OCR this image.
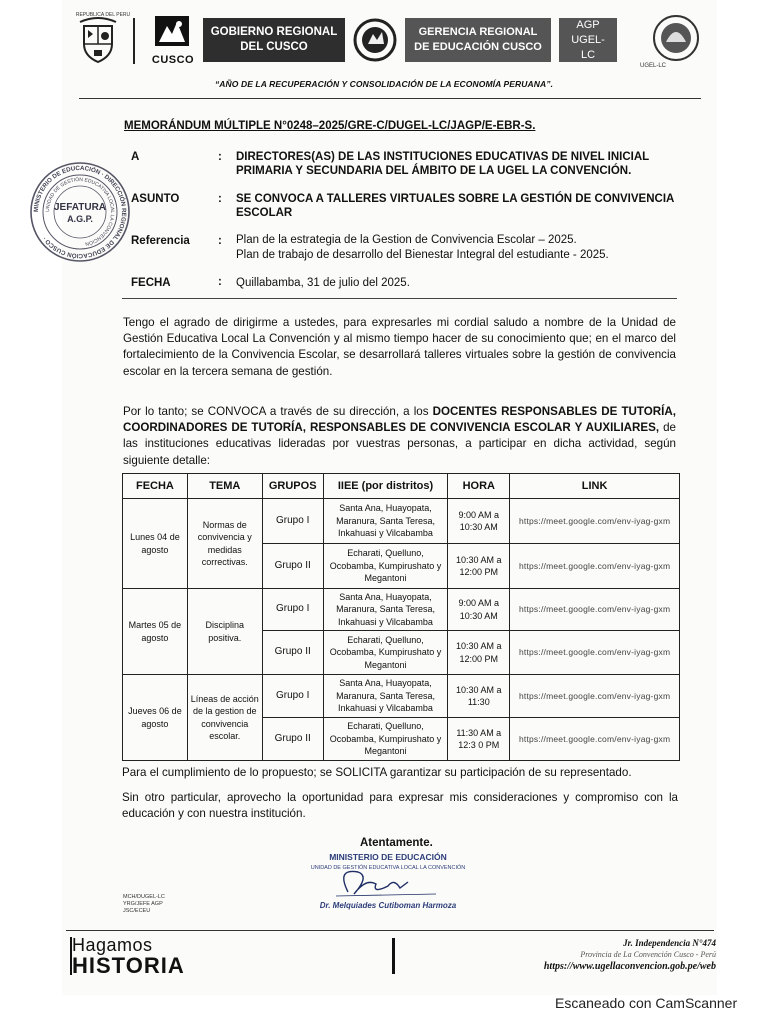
REPUBLICA DEL PERU
CUSCO
GOBIERNO REGIONAL DEL CUSCO
GERENCIA REGIONAL DE EDUCACIÓN CUSCO
AGP UGEL- LC
UGEL-LC
“AÑO DE LA RECUPERACIÓN Y CONSOLIDACIÓN DE LA ECONOMÍA PERUANA”.
MEMORÁNDUM MÚLTIPLE N°0248–2025/GRE-C/DUGEL-LC/JAGP/E-EBR-S.
A	: DIRECTORES(AS) DE LAS INSTITUCIONES EDUCATIVAS DE NIVEL INICIAL PRIMARIA Y SECUNDARIA DEL ÁMBITO DE LA UGEL LA CONVENCIÓN.
ASUNTO	: SE CONVOCA A TALLERES VIRTUALES SOBRE LA GESTIÓN DE CONVIVENCIA ESCOLAR
Referencia : Plan de la estrategia de la Gestion de Convivencia Escolar – 2025.
Plan de trabajo de desarrollo del Bienestar Integral del estudiante - 2025.
FECHA	: Quillabamba, 31 de julio del 2025.
MINISTERIO DE EDUCACIÓN · DIRECCIÓN REGIONAL DE EDUCACIÓN CUSCO ·
UNIDAD DE GESTIÓN EDUCATIVA LOCAL LA CONVENCIÓN
JEFATURA
A.G.P.
Tengo el agrado de dirigirme a ustedes, para expresarles mi cordial saludo a nombre de la Unidad de Gestión Educativa Local La Convención y al mismo tiempo hacer de su conocimiento que; en el marco del fortalecimiento de la Convivencia Escolar, se desarrollará talleres virtuales sobre la gestión de convivencia escolar en la tercera semana de gestión.
Por lo tanto; se CONVOCA a través de su dirección, a los DOCENTES RESPONSABLES DE TUTORÍA, COORDINADORES DE TUTORÍA, RESPONSABLES DE CONVIVENCIA ESCOLAR Y AUXILIARES, de las instituciones educativas lideradas por vuestras personas, a participar en dicha actividad, según siguiente detalle:
FECHA	TEMA	GRUPOS	IIEE (por distritos)	HORA	LINK
Lunes 04 de agosto	Normas de convivencia y medidas correctivas.	Grupo I	Santa Ana, Huayopata, Maranura, Santa Teresa, Inkahuasi y Vilcabamba	9:00 AM a 10:30 AM	https://meet.google.com/env-iyag-gxm
		Grupo II	Echarati, Quelluno, Ocobamba, Kumpirushato y Megantoni	10:30 AM a 12:00 PM	https://meet.google.com/env-iyag-gxm
Martes 05 de agosto	Disciplina positiva.	Grupo I	Santa Ana, Huayopata, Maranura, Santa Teresa, Inkahuasi y Vilcabamba	9:00 AM a 10:30 AM	https://meet.google.com/env-iyag-gxm
		Grupo II	Echarati, Quelluno, Ocobamba, Kumpirushato y Megantoni	10:30 AM a 12:00 PM	https://meet.google.com/env-iyag-gxm
Jueves 06 de agosto	Líneas de acción de la gestion de convivencia escolar.	Grupo I	Santa Ana, Huayopata, Maranura, Santa Teresa, Inkahuasi y Vilcabamba	10:30 AM a 11:30	https://meet.google.com/env-iyag-gxm
		Grupo II	Echarati, Quelluno, Ocobamba, Kumpirushato y Megantoni	11:30 AM a 12:3 0 PM	https://meet.google.com/env-iyag-gxm
Para el cumplimiento de lo propuesto; se SOLICITA garantizar su participación de su representado.
Sin otro particular, aprovecho la oportunidad para expresar mis consideraciones y compromiso con la educación y con nuestra institución.
Atentamente.
MINISTERIO DE EDUCACIÓN
UNIDAD DE GESTIÓN EDUCATIVA LOCAL LA CONVENCIÓN
Dr. Melquiades Cutiboman Harmoza
MCH/DUGEL-LC
YRG/JEFE AGP
JSC/ECEU
Hagamos
HISTORIA
Jr. Independencia N°474
Provincia de La Convención Cusco - Perú
https://www.ugellaconvencion.gob.pe/web
Escaneado con CamScanner
